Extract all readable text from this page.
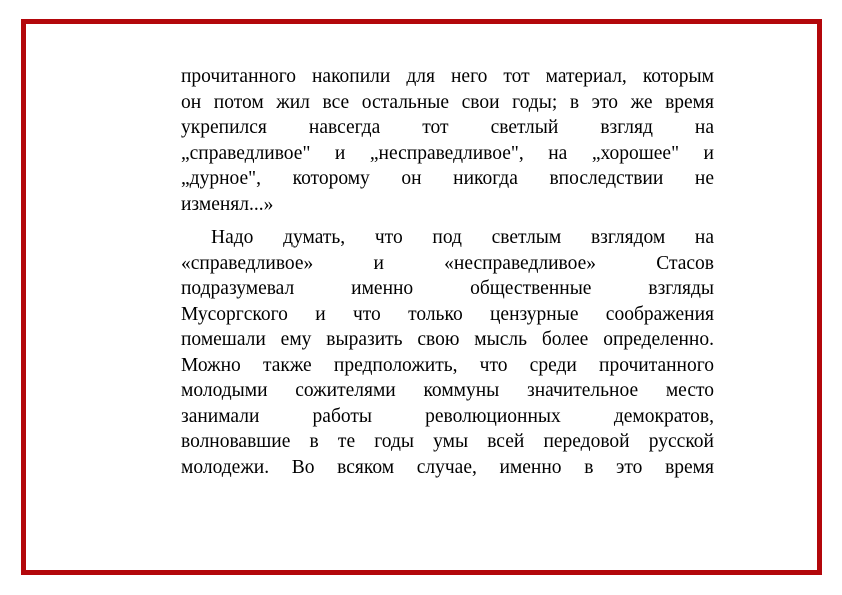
прочитанного накопили для него тот материал, которым
он потом жил все остальные свои годы; в это же время
укрепился навсегда тот светлый взгляд на
„справедливое" и „несправедливое", на „хорошее" и
„дурное", которому он никогда впоследствии не
изменял...»

Надо думать, что под светлым взглядом на
«справедливое» и «несправедливое» Стасов
подразумевал именно общественные взгляды
Мусоргского и что только цензурные соображения
помешали ему выразить свою мысль более определенно.
Можно также предположить, что среди прочитанного
молодыми сожителями коммуны значительное место
занимали работы революционных демократов,
волновавшие в те годы умы всей передовой русской
молодежи. Во всяком случае, именно в это время
